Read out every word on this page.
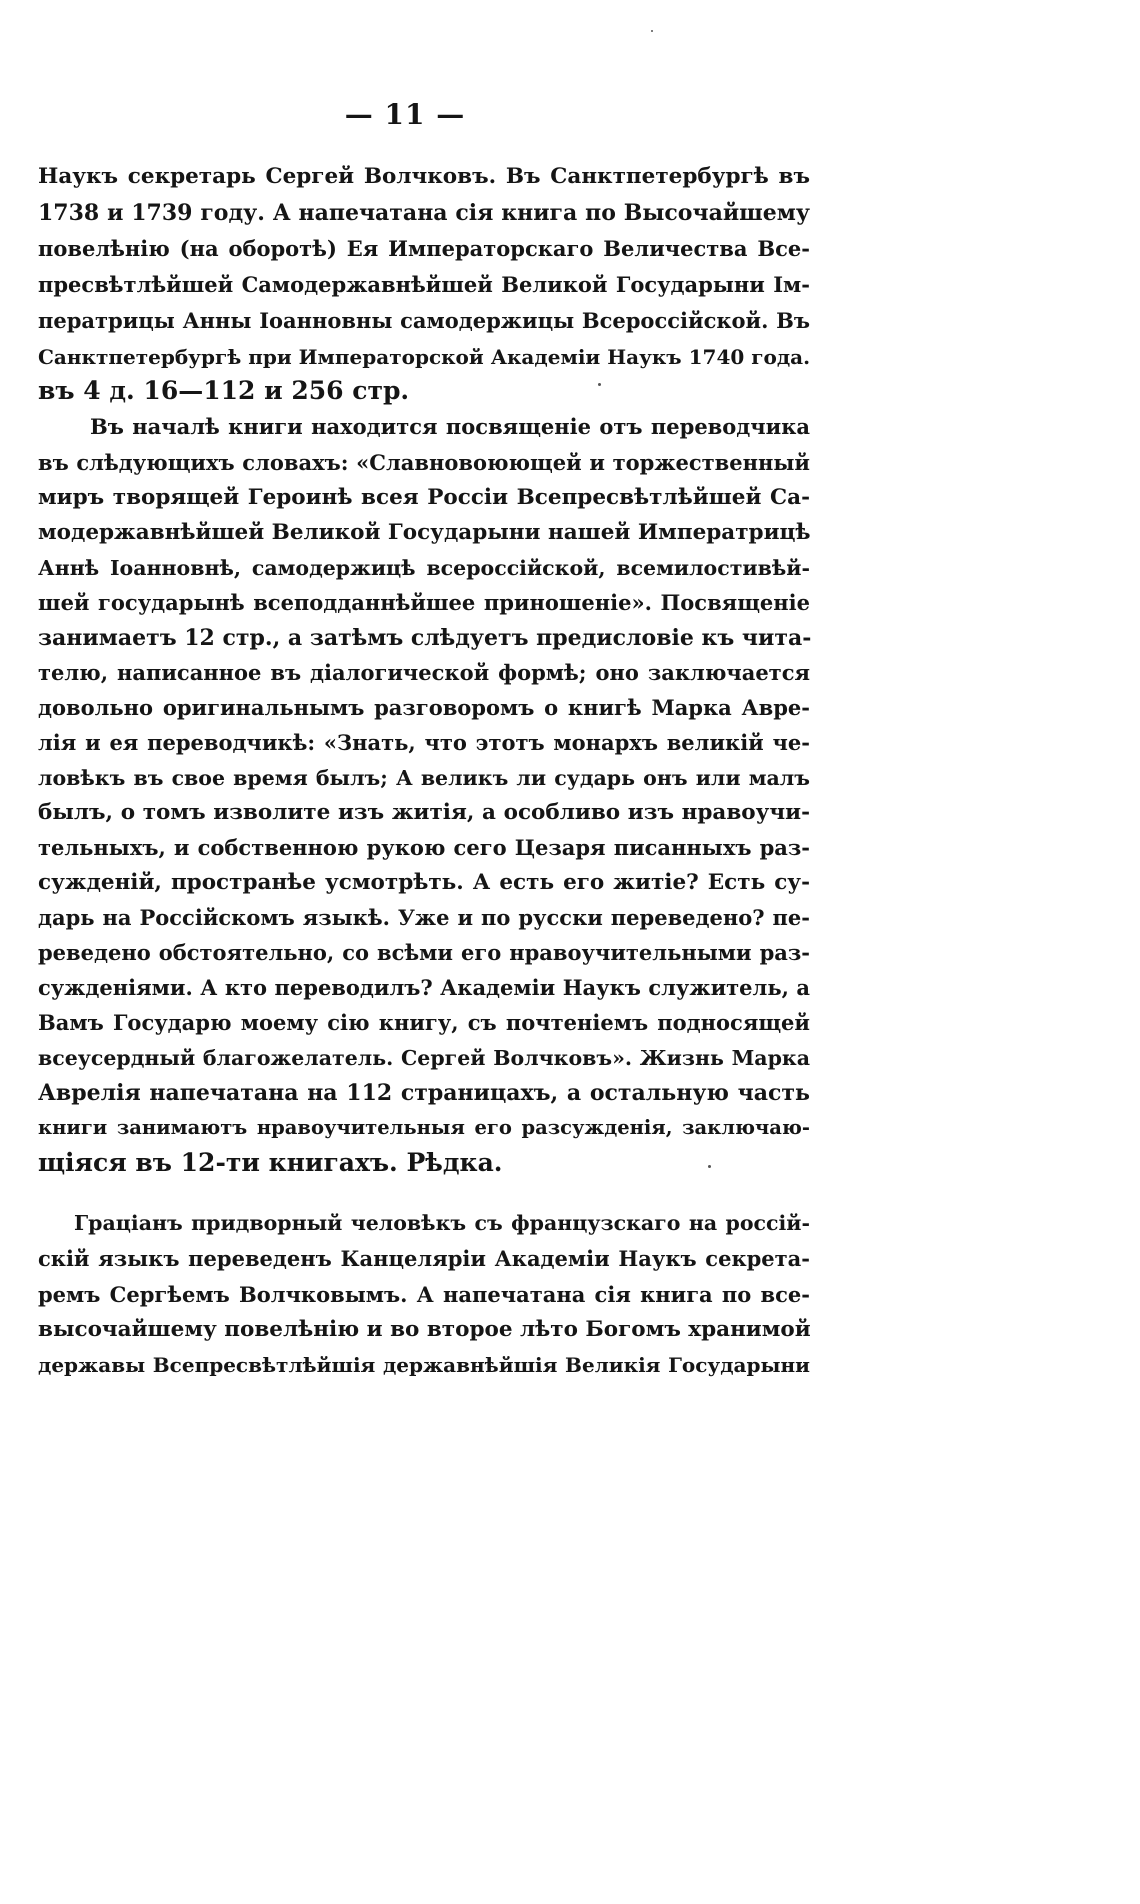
— 11 —
Наукъ секретарь Сергей Волчковъ. Въ Санктпетербургѣ въ
1738 и 1739 году. А напечатана сія книга по Высочайшему
повелѣнію (на оборотѣ) Ея Императорскаго Величества Все-
пресвѣтлѣйшей Самодержавнѣйшей Великой Государыни Ім-
ператрицы Анны Іоанновны самодержицы Всероссійской. Въ
Санктпетербургѣ при Императорской Академіи Наукъ 1740 года.
въ 4 д. 16—112 и 256 стр.
Въ началѣ книги находится посвященіе отъ переводчика
въ слѣдующихъ словахъ: «Славновоюющей и торжественный
миръ творящей Героинѣ всея Россіи Всепресвѣтлѣйшей Са-
модержавнѣйшей Великой Государыни нашей Императрицѣ
Аннѣ Іоанновнѣ, самодержицѣ всероссійской, всемилостивѣй-
шей государынѣ всеподданнѣйшее приношеніе». Посвященіе
занимаетъ 12 стр., а затѣмъ слѣдуетъ предисловіе къ чита-
телю, написанное въ діалогической формѣ; оно заключается
довольно оригинальнымъ разговоромъ о книгѣ Марка Авре-
лія и ея переводчикѣ: «Знать, что этотъ монархъ великій че-
ловѣкъ въ свое время былъ; А великъ ли сударь онъ или малъ
былъ, о томъ изволите изъ житія, а особливо изъ нравоучи-
тельныхъ, и собственною рукою сего Цезаря писанныхъ раз-
сужденій, пространѣе усмотрѣть. А есть его житіе? Есть су-
дарь на Россійскомъ языкѣ. Уже и по русски переведено? пе-
реведено обстоятельно, со всѣми его нравоучительными раз-
сужденіями. А кто переводилъ? Академіи Наукъ служитель, а
Вамъ Государю моему сію книгу, съ почтеніемъ подносящей
всеусердный благожелатель. Сергей Волчковъ». Жизнь Марка
Аврелія напечатана на 112 страницахъ, а остальную часть
книги занимаютъ нравоучительныя его разсужденія, заключаю-
щіяся въ 12-ти книгахъ. Рѣдка.
Граціанъ придворный человѣкъ съ французскаго на россій-
скій языкъ переведенъ Канцеляріи Академіи Наукъ секрета-
ремъ Сергѣемъ Волчковымъ. А напечатана сія книга по все-
высочайшему повелѣнію и во второе лѣто Богомъ хранимой
державы Всепресвѣтлѣйшія державнѣйшія Великія Государыни
